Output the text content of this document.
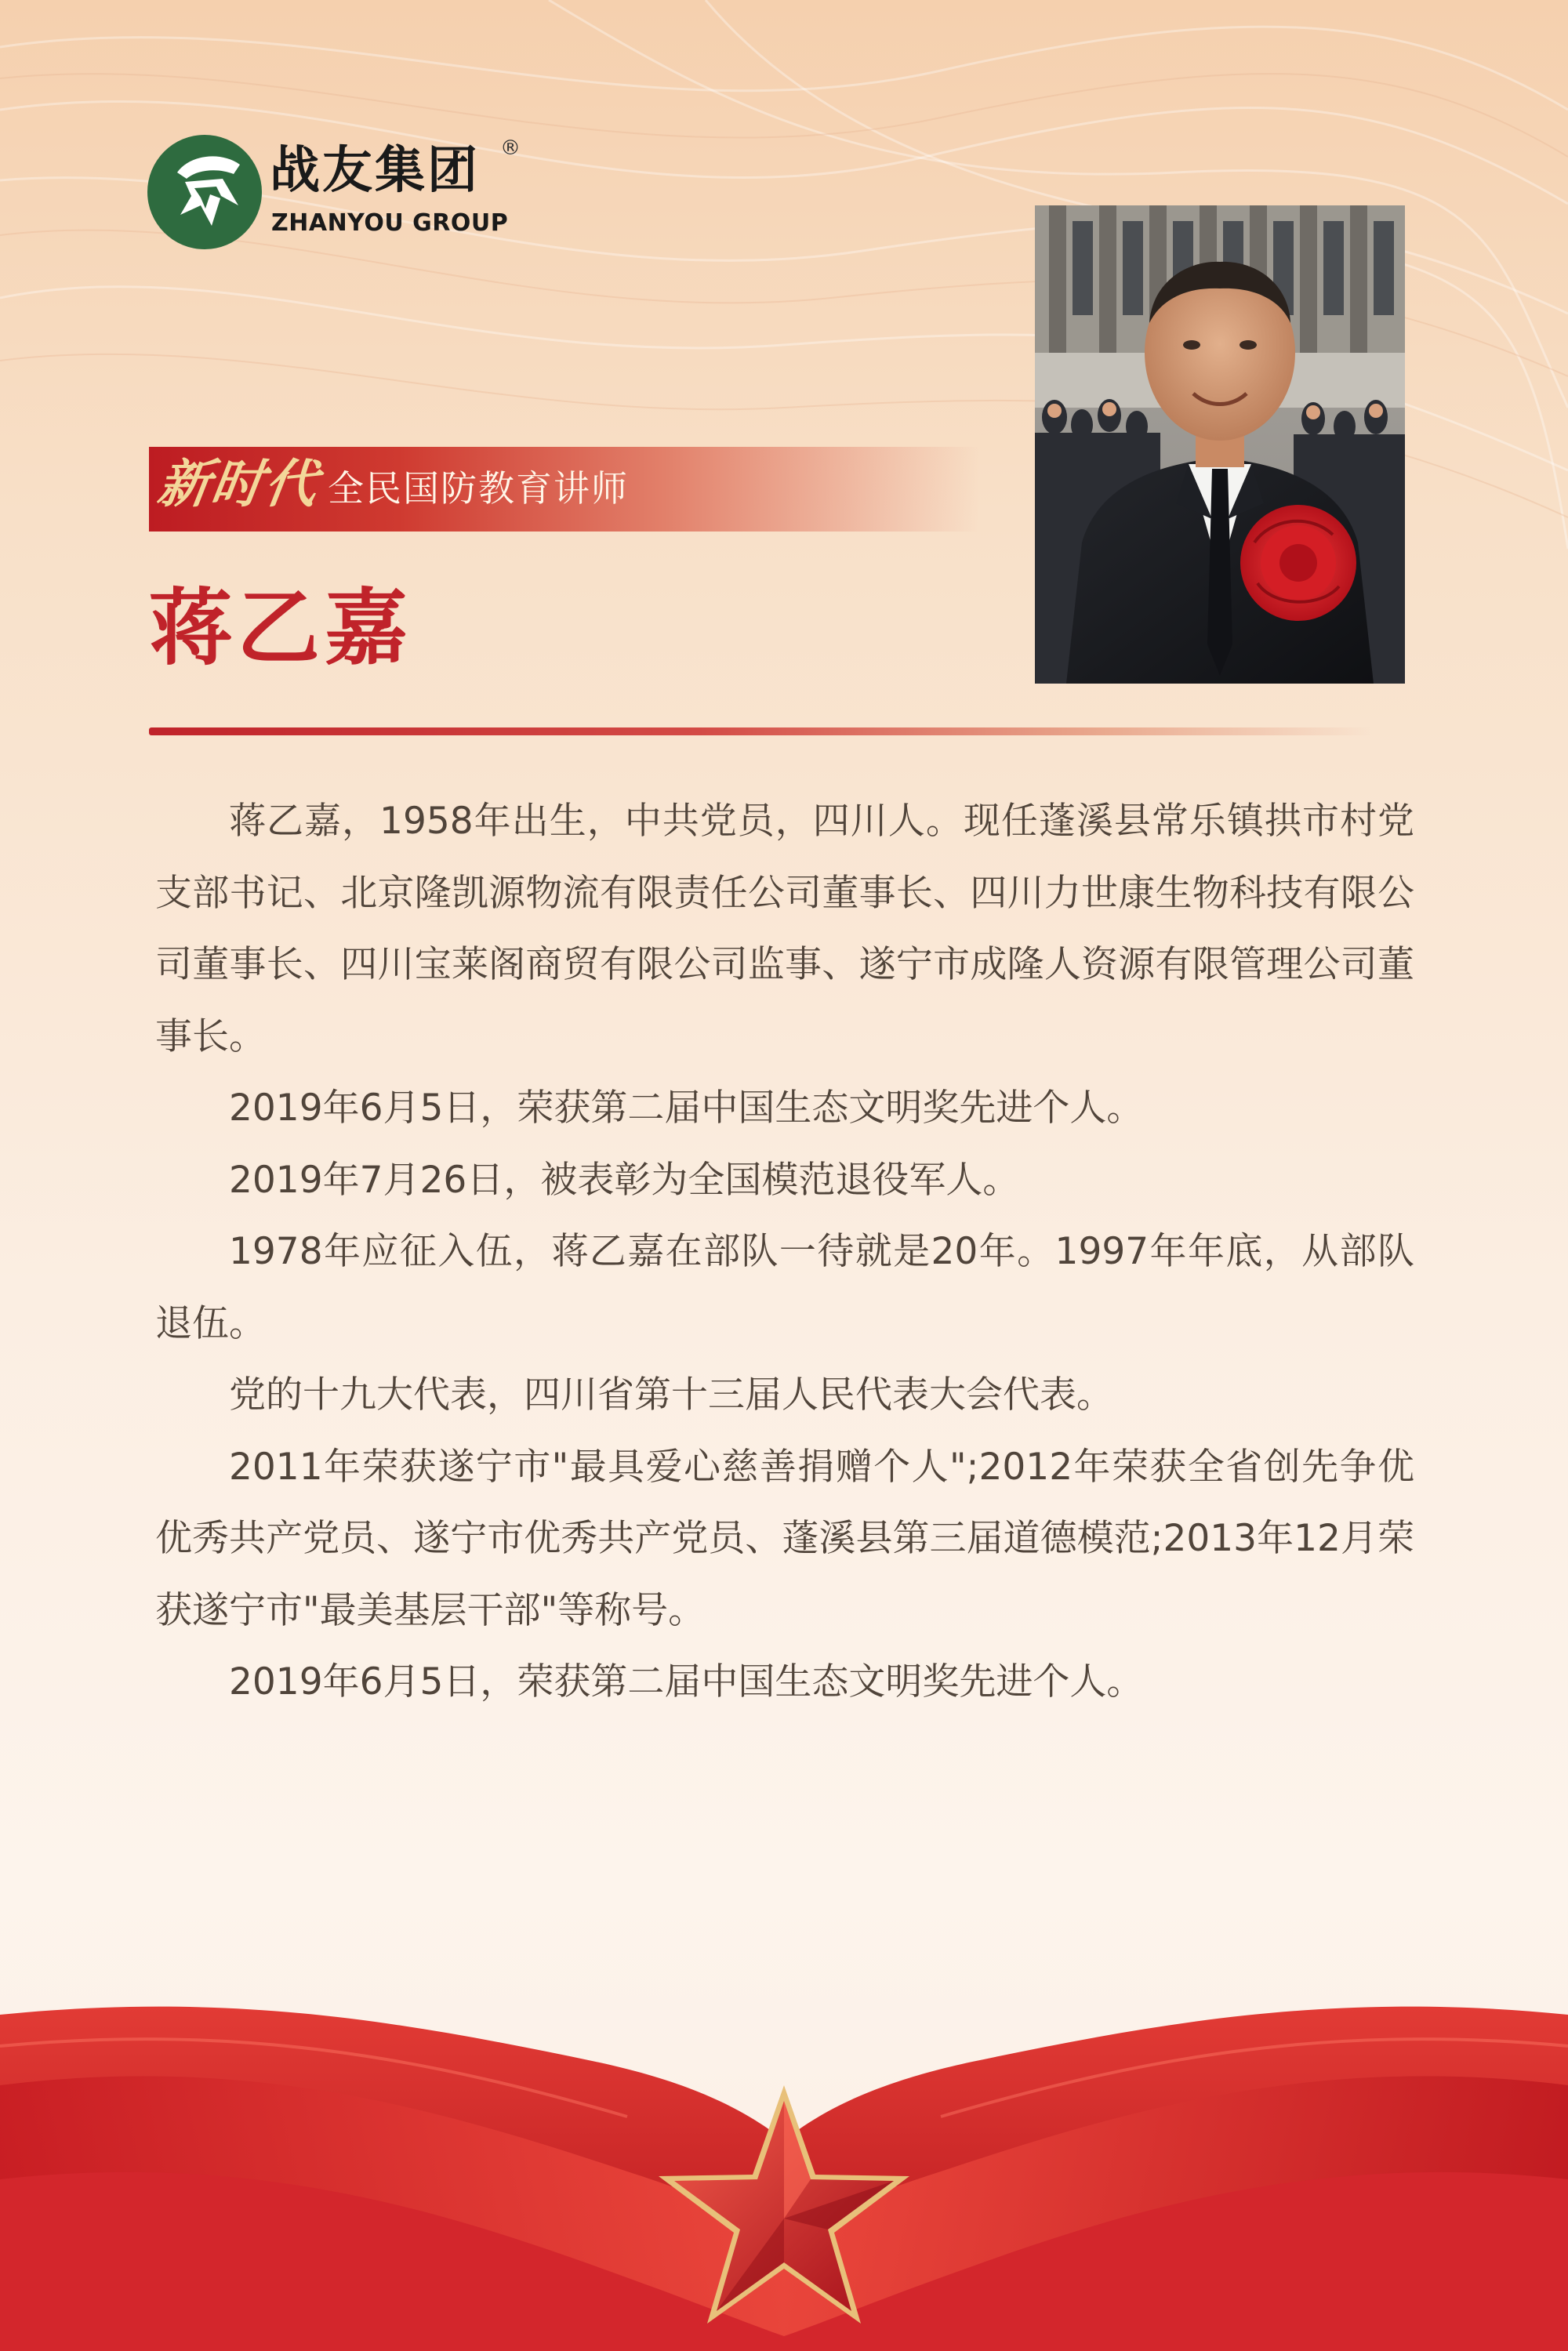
战友集团 ®
ZHANYOU GROUP
新时代 全民国防教育讲师
蒋乙嘉

蒋乙嘉，1958年出生，中共党员，四川人。现任蓬溪县常乐镇拱市村党支部书记、北京隆凯源物流有限责任公司董事长、四川力世康生物科技有限公司董事长、四川宝莱阁商贸有限公司监事、遂宁市成隆人资源有限管理公司董事长。

2019年6月5日，荣获第二届中国生态文明奖先进个人。

2019年7月26日，被表彰为全国模范退役军人。

1978年应征入伍，蒋乙嘉在部队一待就是20年。1997年年底，从部队退伍。

党的十九大代表，四川省第十三届人民代表大会代表。

2011年荣获遂宁市"最具爱心慈善捐赠个人";2012年荣获全省创先争优优秀共产党员、遂宁市优秀共产党员、蓬溪县第三届道德模范;2013年12月荣获遂宁市"最美基层干部"等称号。

2019年6月5日，荣获第二届中国生态文明奖先进个人。
